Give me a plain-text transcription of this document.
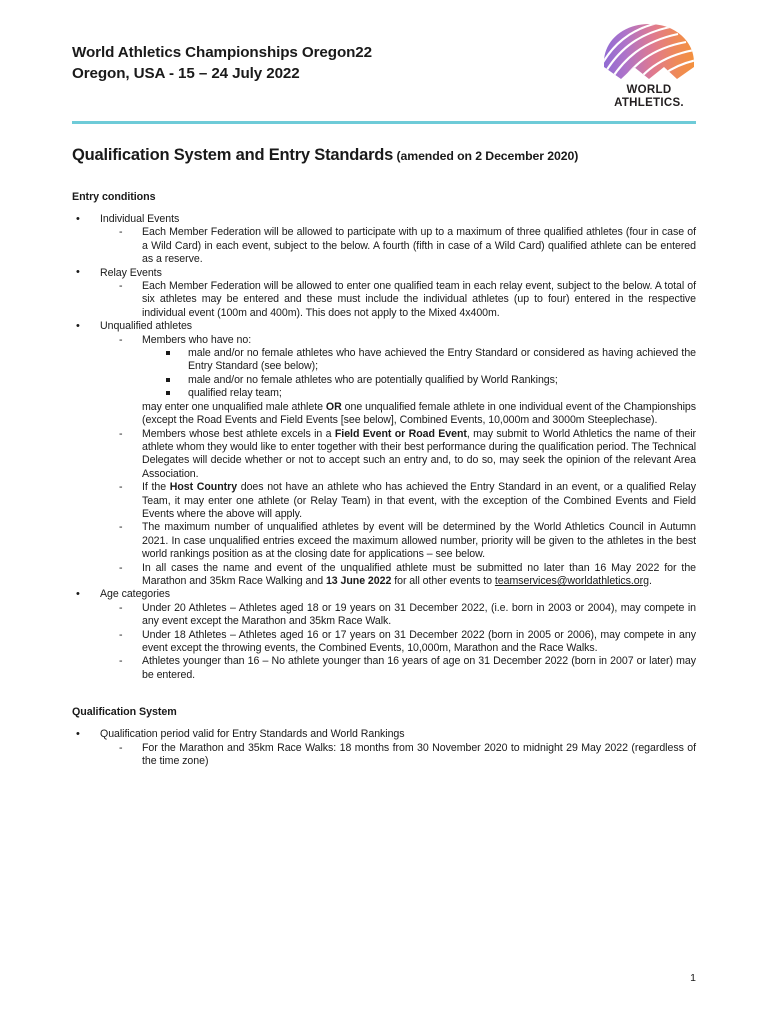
World Athletics Championships Oregon22
Oregon, USA - 15 – 24 July 2022
WORLD
ATHLETICS.
Qualification System and Entry Standards (amended on 2 December 2020)
Entry conditions
• Individual Events
- Each Member Federation will be allowed to participate with up to a maximum of three qualified athletes (four in case of a Wild Card) in each event, subject to the below. A fourth (fifth in case of a Wild Card) qualified athlete can be entered as a reserve.
• Relay Events
- Each Member Federation will be allowed to enter one qualified team in each relay event, subject to the below. A total of six athletes may be entered and these must include the individual athletes (up to four) entered in the respective individual event (100m and 400m). This does not apply to the Mixed 4x400m.
• Unqualified athletes
- Members who have no:
male and/or no female athletes who have achieved the Entry Standard or considered as having achieved the Entry Standard (see below);
male and/or no female athletes who are potentially qualified by World Rankings;
qualified relay team;

may enter one unqualified male athlete OR one unqualified female athlete in one individual event of the Championships (except the Road Events and Field Events [see below], Combined Events, 10,000m and 3000m Steeplechase).

- Members whose best athlete excels in a Field Event or Road Event, may submit to World Athletics the name of their athlete whom they would like to enter together with their best performance during the qualification period. The Technical Delegates will decide whether or not to accept such an entry and, to do so, may seek the opinion of the relevant Area Association.
- If the Host Country does not have an athlete who has achieved the Entry Standard in an event, or a qualified Relay Team, it may enter one athlete (or Relay Team) in that event, with the exception of the Combined Events and Field Events where the above will apply.
- The maximum number of unqualified athletes by event will be determined by the World Athletics Council in Autumn 2021. In case unqualified entries exceed the maximum allowed number, priority will be given to the athletes in the best world rankings position as at the closing date for applications – see below.
- In all cases the name and event of the unqualified athlete must be submitted no later than 16 May 2022 for the Marathon and 35km Race Walking and 13 June 2022 for all other events to teamservices@worldathletics.org.
• Age categories
- Under 20 Athletes – Athletes aged 18 or 19 years on 31 December 2022, (i.e. born in 2003 or 2004), may compete in any event except the Marathon and 35km Race Walk.
- Under 18 Athletes – Athletes aged 16 or 17 years on 31 December 2022 (born in 2005 or 2006), may compete in any event except the throwing events, the Combined Events, 10,000m, Marathon and the Race Walks.
- Athletes younger than 16 – No athlete younger than 16 years of age on 31 December 2022 (born in 2007 or later) may be entered.
Qualification System
• Qualification period valid for Entry Standards and World Rankings
- For the Marathon and 35km Race Walks: 18 months from 30 November 2020 to midnight 29 May 2022 (regardless of the time zone)
1
